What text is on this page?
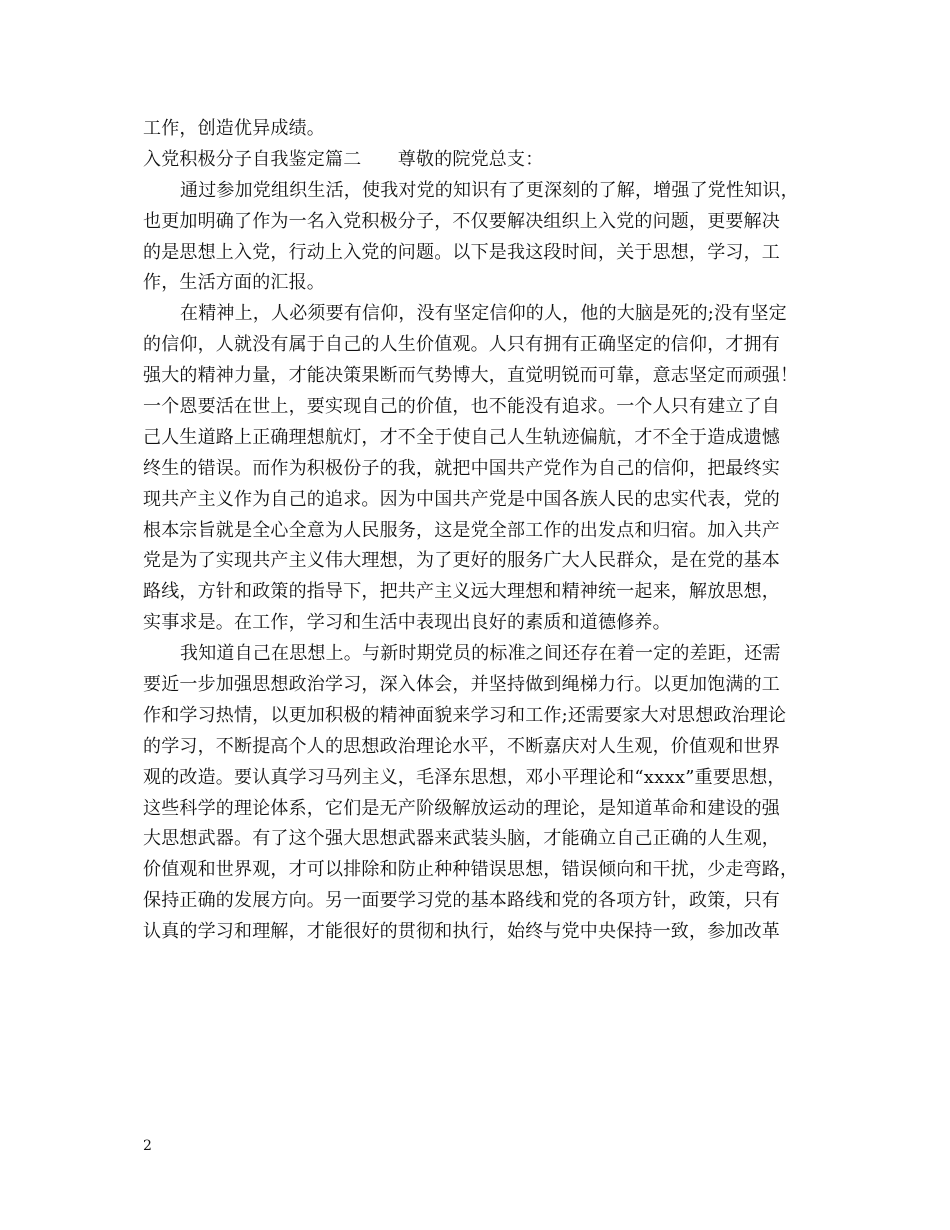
工作，创造优异成绩。
入党积极分子自我鉴定篇二　　尊敬的院党总支：
通过参加党组织生活，使我对党的知识有了更深刻的了解，增强了党性知识，
也更加明确了作为一名入党积极分子，不仅要解决组织上入党的问题，更要解决
的是思想上入党，行动上入党的问题。以下是我这段时间，关于思想，学习，工
作，生活方面的汇报。
在精神上，人必须要有信仰，没有坚定信仰的人，他的大脑是死的;没有坚定
的信仰，人就没有属于自己的人生价值观。人只有拥有正确坚定的信仰，才拥有
强大的精神力量，才能决策果断而气势博大，直觉明锐而可靠，意志坚定而顽强！
一个恩要活在世上，要实现自己的价值，也不能没有追求。一个人只有建立了自
己人生道路上正确理想航灯，才不全于使自己人生轨迹偏航，才不全于造成遗憾
终生的错误。而作为积极份子的我，就把中国共产党作为自己的信仰，把最终实
现共产主义作为自己的追求。因为中国共产党是中国各族人民的忠实代表，党的
根本宗旨就是全心全意为人民服务，这是党全部工作的出发点和归宿。加入共产
党是为了实现共产主义伟大理想，为了更好的服务广大人民群众，是在党的基本
路线，方针和政策的指导下，把共产主义远大理想和精神统一起来，解放思想，
实事求是。在工作，学习和生活中表现出良好的素质和道德修养。
我知道自己在思想上。与新时期党员的标准之间还存在着一定的差距，还需
要近一步加强思想政治学习，深入体会，并坚持做到绳梯力行。以更加饱满的工
作和学习热情，以更加积极的精神面貌来学习和工作;还需要家大对思想政治理论
的学习，不断提高个人的思想政治理论水平，不断嘉庆对人生观，价值观和世界
观的改造。要认真学习马列主义，毛泽东思想，邓小平理论和“xxxx”重要思想，
这些科学的理论体系，它们是无产阶级解放运动的理论，是知道革命和建设的强
大思想武器。有了这个强大思想武器来武装头脑，才能确立自己正确的人生观，
价值观和世界观，才可以排除和防止种种错误思想，错误倾向和干扰，少走弯路，
保持正确的发展方向。另一面要学习党的基本路线和党的各项方针，政策，只有
认真的学习和理解，才能很好的贯彻和执行，始终与党中央保持一致，参加改革
2
